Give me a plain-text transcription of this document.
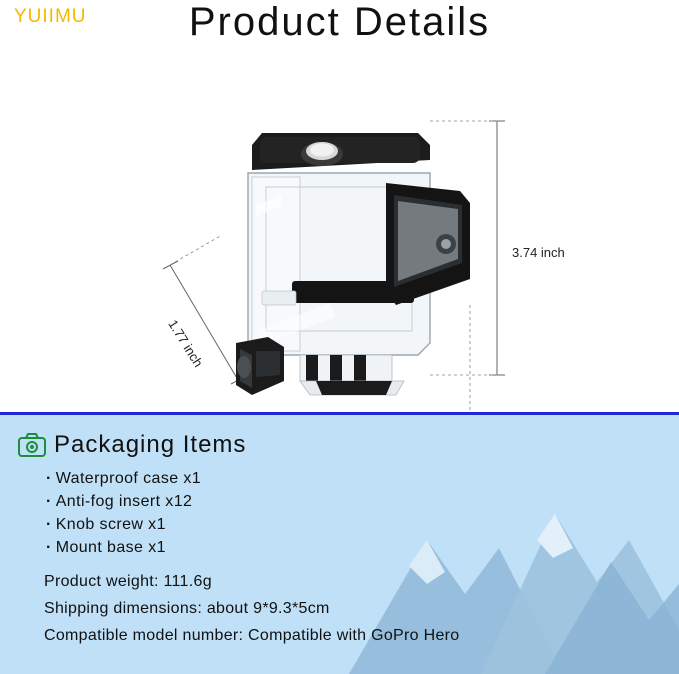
YUIIMU	Product Details
3.74 inch
1.77 inch
Packaging Items
· Waterproof case x1
· Anti-fog insert x12
· Knob screw x1
· Mount base x1
Product weight: 111.6g
Shipping dimensions: about 9*9.3*5cm
Compatible model number: Compatible with GoPro Hero
